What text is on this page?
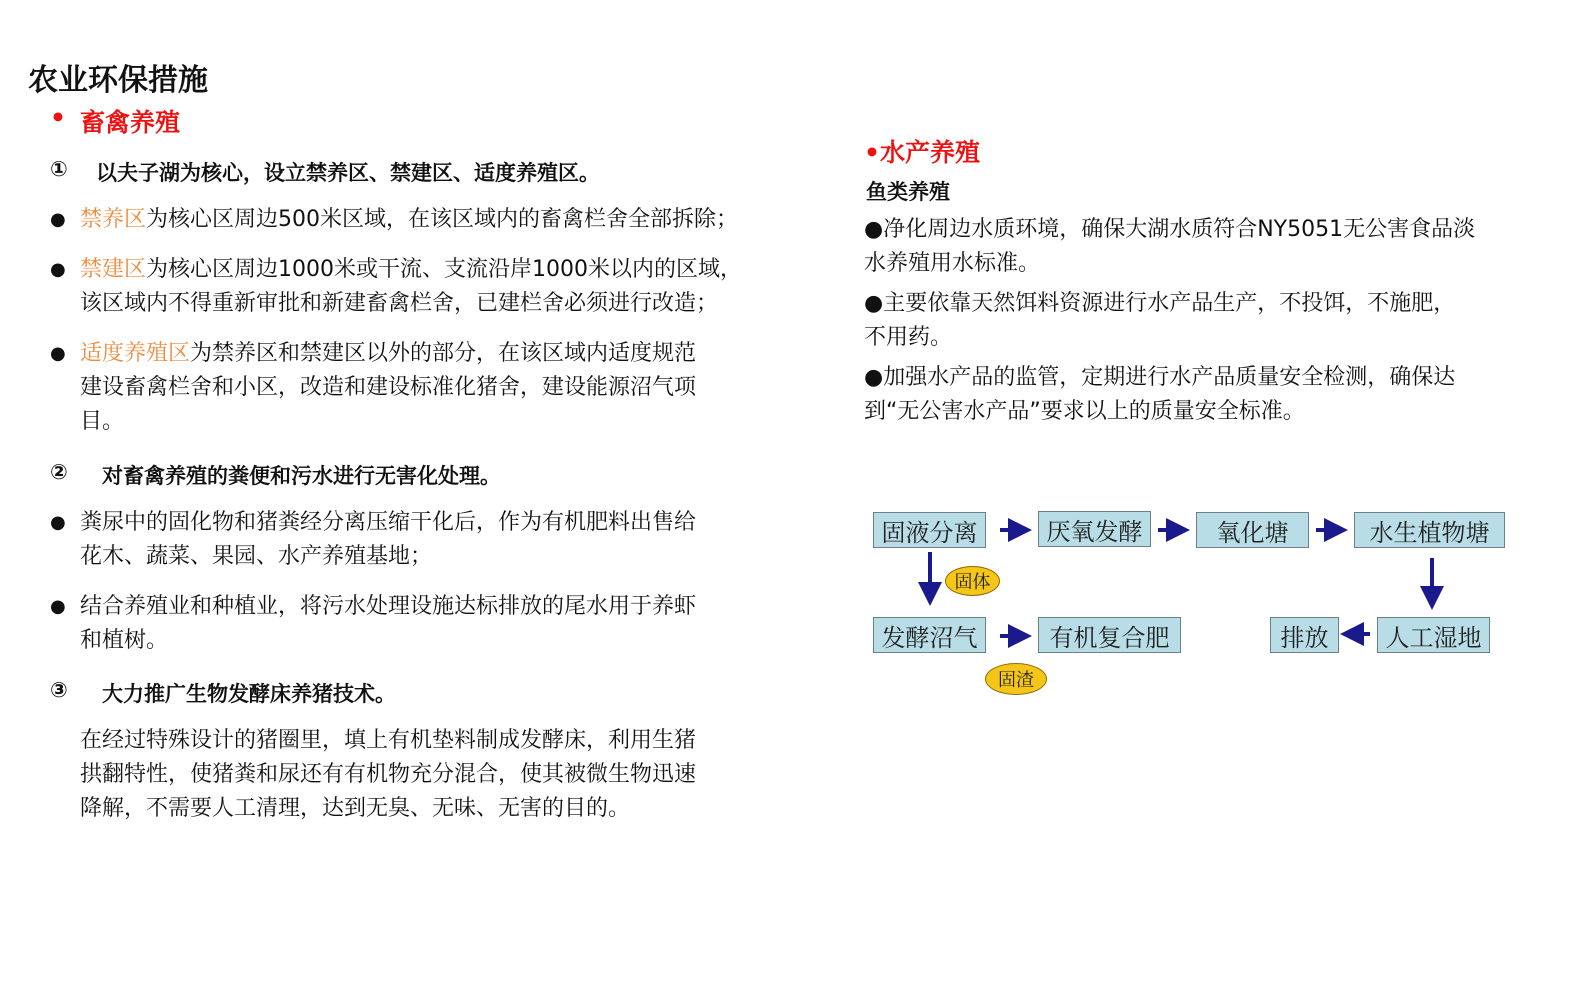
农业环保措施
• 畜禽养殖
① 以夫子湖为核心，设立禁养区、禁建区、适度养殖区。
● 禁养区为核心区周边500米区域，在该区域内的畜禽栏舍全部拆除；
● 禁建区为核心区周边1000米或干流、支流沿岸1000米以内的区域，
该区域内不得重新审批和新建畜禽栏舍，已建栏舍必须进行改造；
● 适度养殖区为禁养区和禁建区以外的部分，在该区域内适度规范
建设畜禽栏舍和小区，改造和建设标准化猪舍，建设能源沼气项
目。
② 对畜禽养殖的粪便和污水进行无害化处理。
● 粪尿中的固化物和猪粪经分离压缩干化后，作为有机肥料出售给
花木、蔬菜、果园、水产养殖基地；
● 结合养殖业和种植业，将污水处理设施达标排放的尾水用于养虾
和植树。
③ 大力推广生物发酵床养猪技术。
在经过特殊设计的猪圈里，填上有机垫料制成发酵床，利用生猪
拱翻特性，使猪粪和尿还有有机物充分混合，使其被微生物迅速
降解，不需要人工清理，达到无臭、无味、无害的目的。
•水产养殖
鱼类养殖
●净化周边水质环境，确保大湖水质符合NY5051无公害食品淡
水养殖用水标准。
●主要依靠天然饵料资源进行水产品生产，不投饵，不施肥，
不用药。
●加强水产品的监管，定期进行水产品质量安全检测，确保达
到“无公害水产品”要求以上的质量安全标准。
固液分离	厌氧发酵	氧化塘	水生植物塘
发酵沼气	有机复合肥	排放	人工湿地
固体
固渣
